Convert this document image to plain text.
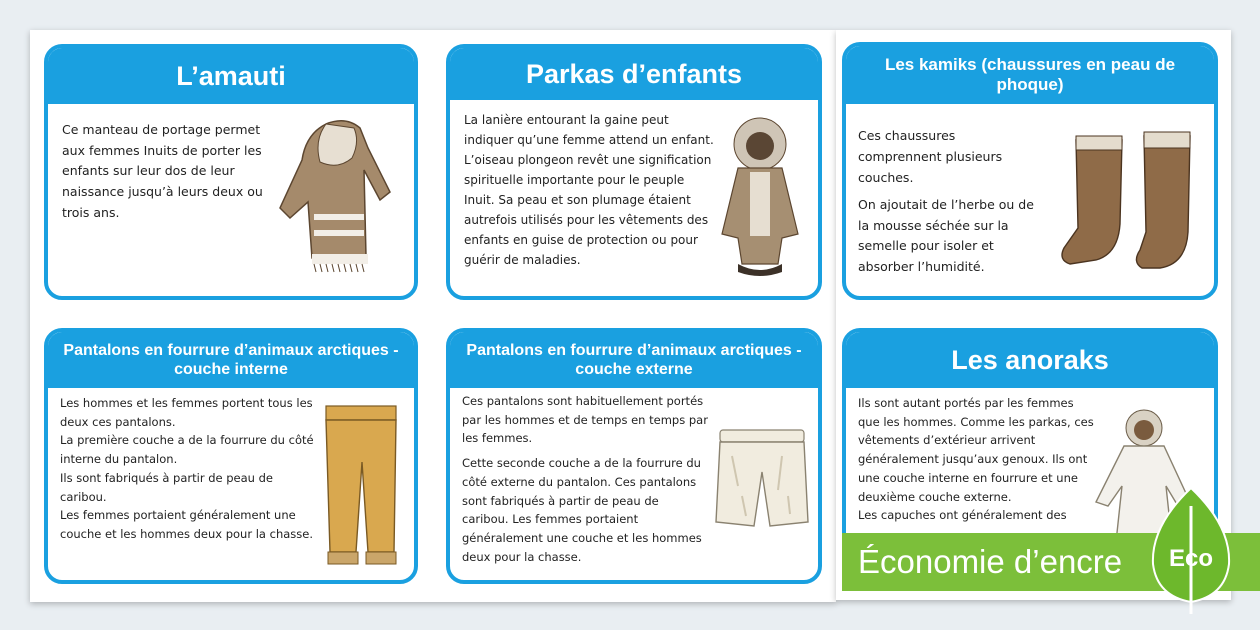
L’amauti

Ce manteau de portage permet aux femmes Inuits de porter les enfants sur leur dos de leur naissance jusqu’à leurs deux ou trois ans.

Parkas d’enfants

La lanière entourant la gaine peut indiquer qu’une femme attend un enfant. L’oiseau plongeon revêt une signification spirituelle importante pour le peuple Inuit. Sa peau et son plumage étaient autrefois utilisés pour les vêtements des enfants en guise de protection ou pour guérir de maladies.

Les kamiks (chaussures en peau de phoque)

Ces chaussures comprennent plusieurs couches.

On ajoutait de l’herbe ou de la mousse séchée sur la semelle pour isoler et absorber l’humidité.

Pantalons en fourrure d’animaux arctiques - couche interne

Les hommes et les femmes portent tous les deux ces pantalons.

La première couche a de la fourrure du côté interne du pantalon.

Ils sont fabriqués à partir de peau de caribou.

Les femmes portaient généralement une couche et les hommes deux pour la chasse.

Pantalons en fourrure d’animaux arctiques - couche externe

Ces pantalons sont habituellement portés par les hommes et de temps en temps par les femmes.

Cette seconde couche a de la fourrure du côté externe du pantalon. Ces pantalons sont fabriqués à partir de peau de caribou. Les femmes portaient généralement une couche et les hommes deux pour la chasse.

Les anoraks

Ils sont autant portés par les femmes que les hommes. Comme les parkas, ces vêtements d’extérieur arrivent généralement jusqu’aux genoux. Ils ont une couche interne en fourrure et une deuxième couche externe.

Les capuches ont généralement des

Économie d’encre	Eco
